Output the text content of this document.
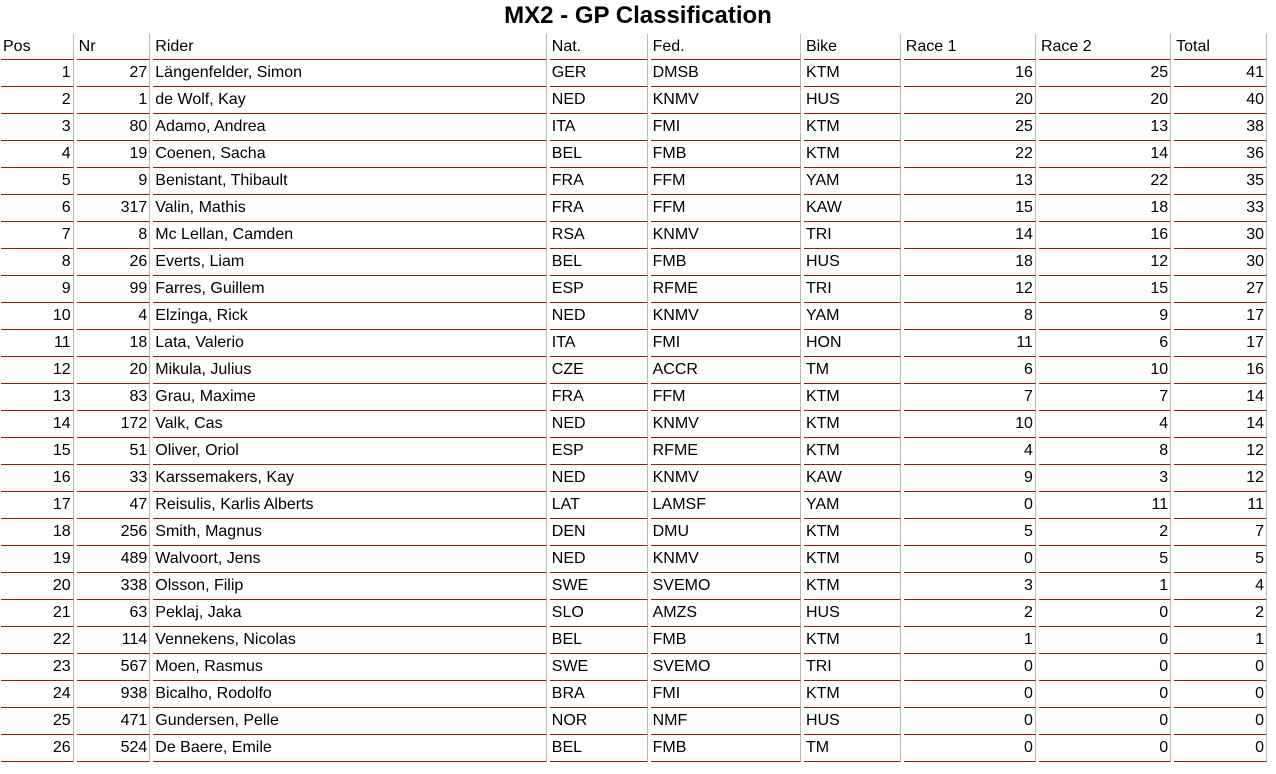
MX2 - GP Classification
Pos	Nr	Rider	Nat.	Fed.	Bike	Race 1	Race 2	Total
1	27	Längenfelder, Simon	GER	DMSB	KTM	16	25	41
2	1	de Wolf, Kay	NED	KNMV	HUS	20	20	40
3	80	Adamo, Andrea	ITA	FMI	KTM	25	13	38
4	19	Coenen, Sacha	BEL	FMB	KTM	22	14	36
5	9	Benistant, Thibault	FRA	FFM	YAM	13	22	35
6	317	Valin, Mathis	FRA	FFM	KAW	15	18	33
7	8	Mc Lellan, Camden	RSA	KNMV	TRI	14	16	30
8	26	Everts, Liam	BEL	FMB	HUS	18	12	30
9	99	Farres, Guillem	ESP	RFME	TRI	12	15	27
10	4	Elzinga, Rick	NED	KNMV	YAM	8	9	17
11	18	Lata, Valerio	ITA	FMI	HON	11	6	17
12	20	Mikula, Julius	CZE	ACCR	TM	6	10	16
13	83	Grau, Maxime	FRA	FFM	KTM	7	7	14
14	172	Valk, Cas	NED	KNMV	KTM	10	4	14
15	51	Oliver, Oriol	ESP	RFME	KTM	4	8	12
16	33	Karssemakers, Kay	NED	KNMV	KAW	9	3	12
17	47	Reisulis, Karlis Alberts	LAT	LAMSF	YAM	0	11	11
18	256	Smith, Magnus	DEN	DMU	KTM	5	2	7
19	489	Walvoort, Jens	NED	KNMV	KTM	0	5	5
20	338	Olsson, Filip	SWE	SVEMO	KTM	3	1	4
21	63	Peklaj, Jaka	SLO	AMZS	HUS	2	0	2
22	114	Vennekens, Nicolas	BEL	FMB	KTM	1	0	1
23	567	Moen, Rasmus	SWE	SVEMO	TRI	0	0	0
24	938	Bicalho, Rodolfo	BRA	FMI	KTM	0	0	0
25	471	Gundersen, Pelle	NOR	NMF	HUS	0	0	0
26	524	De Baere, Emile	BEL	FMB	TM	0	0	0
